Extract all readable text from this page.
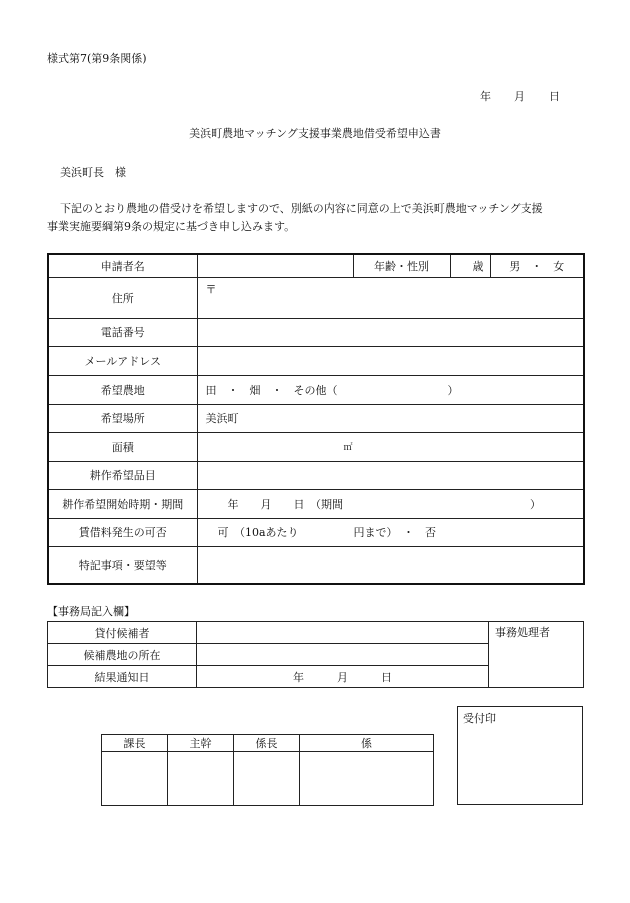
様式第7(第9条関係)
年 月 日
美浜町農地マッチング支援事業農地借受希望申込書
美浜町長　様
下記のとおり農地の借受けを希望しますので、別紙の内容に同意の上で美浜町農地マッチング支援
事業実施要綱第9条の規定に基づき申し込みます。
申請者名		年齢・性別	歳	男　・　女
住所	〒			
電話番号				
メールアドレス				
希望農地	田　・　畑　・　その他（　　　　　　　　　　）			
希望場所	美浜町			
面積	㎡			
耕作希望品目				
耕作希望開始時期・期間	年　　月　　日　（期間　　　　　　　　　　　　　　　　　）			
賃借料発生の可否	可　（10aあたり　　　　　円まで）　・　否			
特記事項・要望等				
【事務局記入欄】
貸付候補者		事務処理者
候補農地の所在		
結果通知日	年　　　月　　　日	
課長	主幹	係長	係

受付印
